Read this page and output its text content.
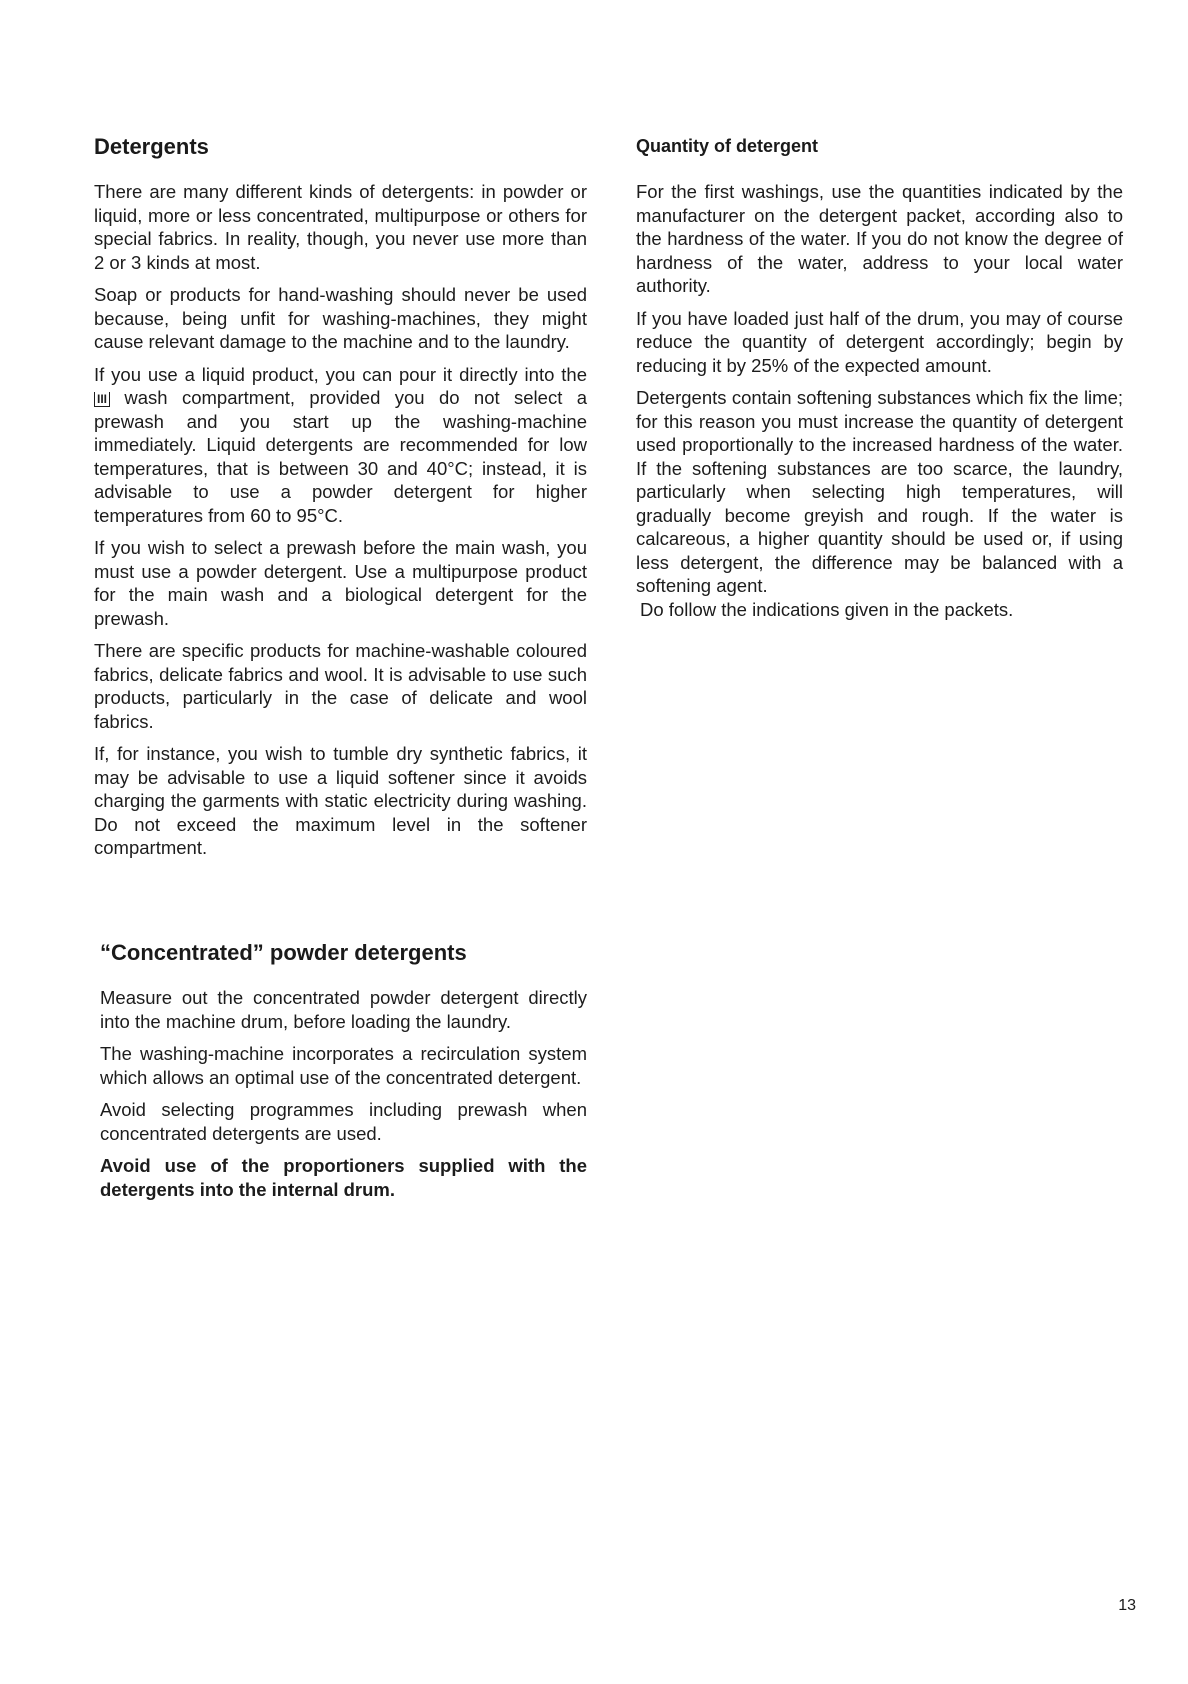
Detergents

There are many different kinds of detergents: in powder or liquid, more or less concentrated, multipurpose or others for special fabrics. In reality, though, you never use more than 2 or 3 kinds at most.

Soap or products for hand-washing should never be used because, being unfit for washing-machines, they might cause relevant damage to the machine and to the laundry.

If you use a liquid product, you can pour it directly into the III wash compartment, provided you do not select a prewash and you start up the washing-machine immediately. Liquid detergents are recommended for low temperatures, that is between 30 and 40°C; instead, it is advisable to use a powder detergent for higher temperatures from 60 to 95°C.

If you wish to select a prewash before the main wash, you must use a powder detergent. Use a multipurpose product for the main wash and a biological detergent for the prewash.

There are specific products for machine-washable coloured fabrics, delicate fabrics and wool. It is advisable to use such products, particularly in the case of delicate and wool fabrics.

If, for instance, you wish to tumble dry synthetic fabrics, it may be advisable to use a liquid softener since it avoids charging the garments with static electricity during washing. Do not exceed the maximum level in the softener compartment.

“Concentrated” powder detergents

Measure out the concentrated powder detergent directly into the machine drum, before loading the laundry.

The washing-machine incorporates a recirculation system which allows an optimal use of the concentrated detergent.

Avoid selecting programmes including prewash when concentrated detergents are used.

Avoid use of the proportioners supplied with the detergents into the internal drum.

Quantity of detergent

For the first washings, use the quantities indicated by the manufacturer on the detergent packet, according also to the hardness of the water. If you do not know the degree of hardness of the water, address to your local water authority.

If you have loaded just half of the drum, you may of course reduce the quantity of detergent accordingly; begin by reducing it by 25% of the expected amount.

Detergents contain softening substances which fix the lime; for this reason you must increase the quantity of detergent used proportionally to the increased hardness of the water. If the softening substances are too scarce, the laundry, particularly when selecting high temperatures, will gradually become greyish and rough. If the water is calcareous, a higher quantity should be used or, if using less detergent, the difference may be balanced with a softening agent.

Do follow the indications given in the packets.

13
